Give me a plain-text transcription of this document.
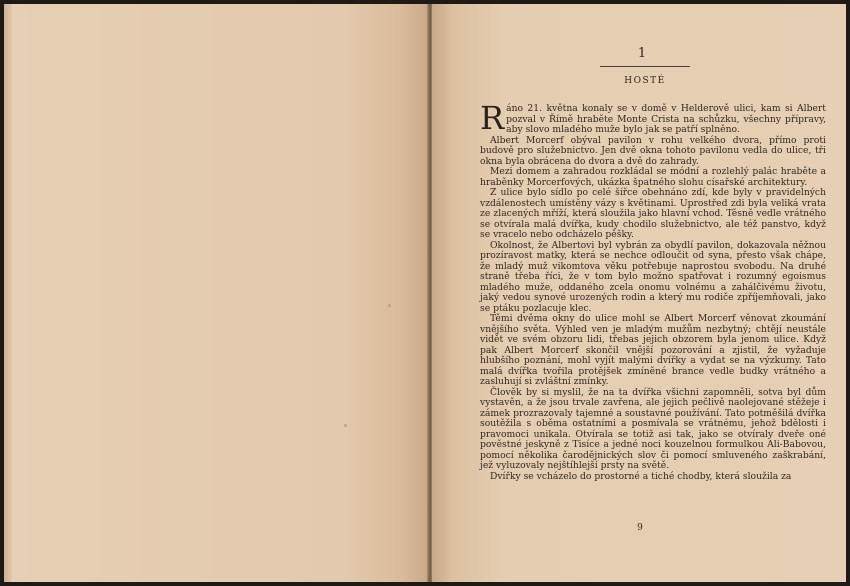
1
HOSTÉ

Ráno 21. května konaly se v domě v Helderově ulici, kam si Albert pozval v Římě hraběte Monte Crista na schůzku, všechny přípravy, aby slovo mladého muže bylo jak se patří splněno.

Albert Morcerf obýval pavilon v rohu velkého dvora, přímo proti budově pro služebnictvo. Jen dvě okna tohoto pavilonu vedla do ulice, tři okna byla obrácena do dvora a dvě do zahrady.

Mezi domem a zahradou rozkládal se módní a rozlehlý palác hraběte a hraběnky Morcerfových, ukázka špatného slohu císařské architektury.

Z ulice bylo sídlo po celé šířce obehnáno zdí, kde byly v pravidelných vzdálenostech umístěny vázy s květinami. Uprostřed zdi byla veliká vrata ze zlacených mříží, která sloužila jako hlavní vchod. Těsně vedle vrátného se otvírala malá dvířka, kudy chodilo služebnictvo, ale též panstvo, když se vracelo nebo odcházelo pěšky.

Okolnost, že Albertovi byl vybrán za obydlí pavilon, dokazovala něžnou prozíravost matky, která se nechce odloučit od syna, přesto však chápe, že mladý muž vikomtova věku potřebuje naprostou svobodu. Na druhé straně třeba říci, že v tom bylo možno spatřovat i rozumný egoismus mladého muže, oddaného zcela onomu volnému a zahálčivému životu, jaký vedou synové urozených rodin a který mu rodiče zpříjemňovali, jako se ptáku pozlacuje klec.

Těmi dvěma okny do ulice mohl se Albert Morcerf věnovat zkoumání vnějšího světa. Výhled ven je mladým mužům nezbytný; chtějí neustále vidět ve svém obzoru lidi, třebas jejich obzorem byla jenom ulice. Když pak Albert Morcerf skončil vnější pozorování a zjistil, že vyžaduje hlubšího poznání, mohl vyjít malými dvířky a vydat se na výzkumy. Tato malá dvířka tvořila protějšek zmíněné brance vedle budky vrátného a zasluhují si zvláštní zmínky.

Člověk by si myslil, že na ta dvířka všichni zapomněli, sotva byl dům vystavěn, a že jsou trvale zavřena, ale jejich pečlivě naolejované stěžeje i zámek prozrazovaly tajemné a soustavné používání. Tato potměšilá dvířka soutěžila s oběma ostatními a posmívala se vrátnému, jehož bdělosti i pravomoci unikala. Otvírala se totiž asi tak, jako se otvíraly dveře oné pověstné jeskyně z Tisíce a jedné noci kouzelnou formulkou Ali-Babovou, pomocí několika čarodějnických slov či pomocí smluveného zaškrabání, jež vyluzovaly nejštíhlejší prsty na světě.

Dvířky se vcházelo do prostorné a tiché chodby, která sloužila za

9
